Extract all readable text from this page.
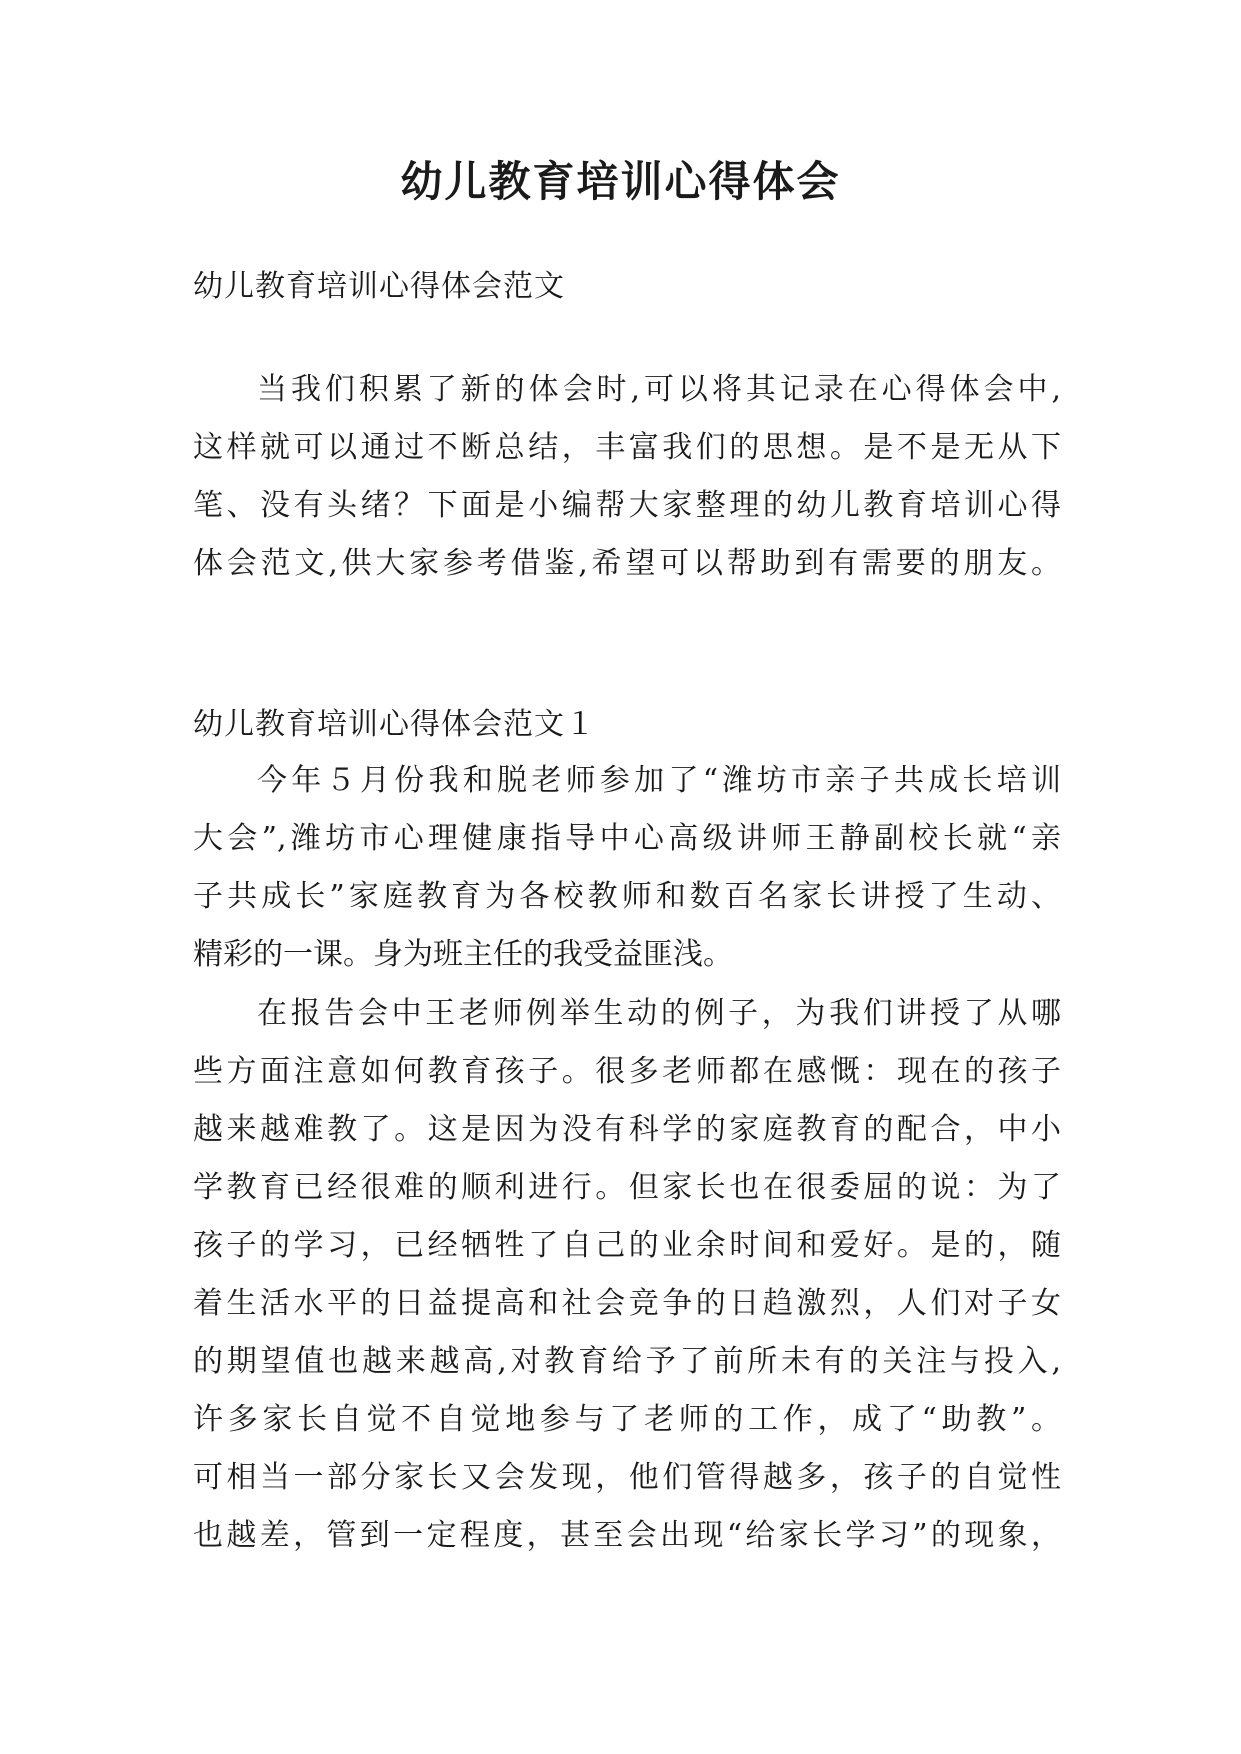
幼儿教育培训心得体会

幼儿教育培训心得体会范文

当我们积累了新的体会时,可以将其记录在心得体会中,
这样就可以通过不断总结，丰富我们的思想。是不是无从下
笔、没有头绪？下面是小编帮大家整理的幼儿教育培训心得
体会范文,供大家参考借鉴,希望可以帮助到有需要的朋友。

幼儿教育培训心得体会范文１

今年５月份我和脱老师参加了“潍坊市亲子共成长培训
大会”,潍坊市心理健康指导中心高级讲师王静副校长就“亲
子共成长”家庭教育为各校教师和数百名家长讲授了生动、
精彩的一课。身为班主任的我受益匪浅。
在报告会中王老师例举生动的例子，为我们讲授了从哪
些方面注意如何教育孩子。很多老师都在感慨：现在的孩子
越来越难教了。这是因为没有科学的家庭教育的配合，中小
学教育已经很难的顺利进行。但家长也在很委屈的说：为了
孩子的学习，已经牺牲了自己的业余时间和爱好。是的，随
着生活水平的日益提高和社会竞争的日趋激烈，人们对子女
的期望值也越来越高,对教育给予了前所未有的关注与投入,
许多家长自觉不自觉地参与了老师的工作，成了“助教”。
可相当一部分家长又会发现，他们管得越多，孩子的自觉性
也越差，管到一定程度，甚至会出现“给家长学习”的现象，
